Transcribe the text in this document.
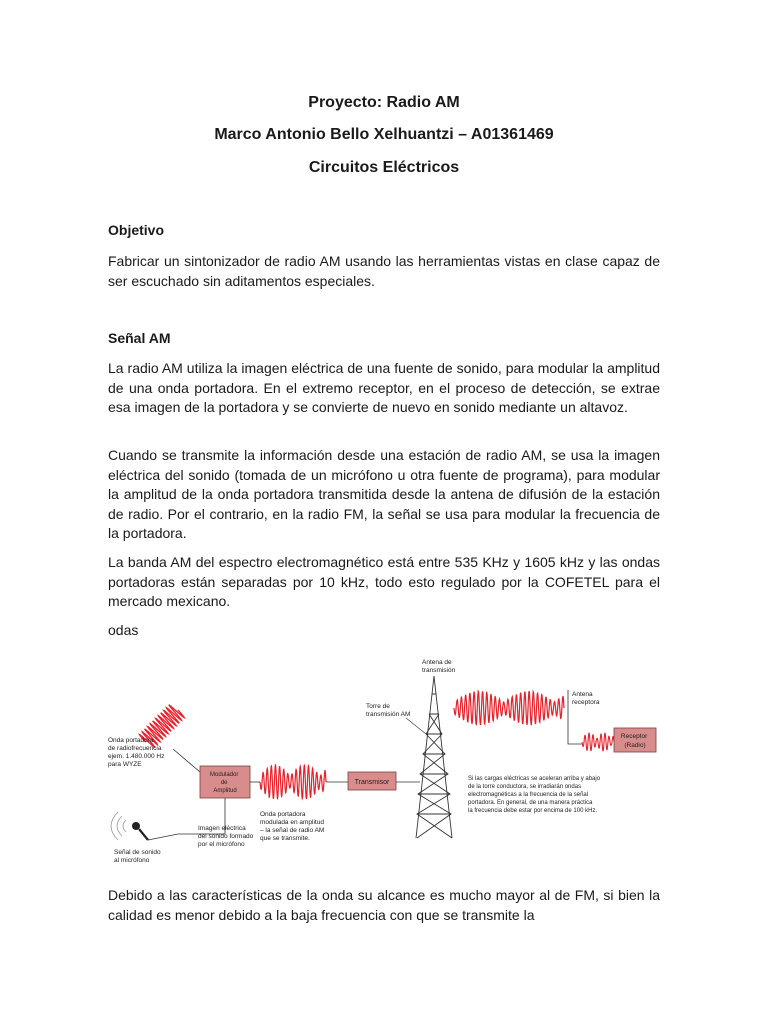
Proyecto: Radio AM
Marco Antonio Bello Xelhuantzi – A01361469
Circuitos Eléctricos
Objetivo

Fabricar un sintonizador de radio AM usando las herramientas vistas en clase capaz de ser escuchado sin aditamentos especiales.

Señal AM

La radio AM utiliza la imagen eléctrica de una fuente de sonido, para modular la amplitud de una onda portadora. En el extremo receptor, en el proceso de detección, se extrae esa imagen de la portadora y se convierte de nuevo en sonido mediante un altavoz.

Cuando se transmite la información desde una estación de radio AM, se usa la imagen eléctrica del sonido (tomada de un micrófono u otra fuente de programa), para modular la amplitud de la onda portadora transmitida desde la antena de difusión de la estación de radio. Por el contrario, en la radio FM, la señal se usa para modular la frecuencia de la portadora.

La banda AM del espectro electromagnético está entre 535 KHz y 1605 kHz y las ondas portadoras están separadas por 10 kHz, todo esto regulado por la COFETEL para el mercado mexicano.

odas

Onda portadora de radiofrecuencia ejem. 1.480.000 Hz para WYZE
Modulador de Amplitud
Señal de sonido al micrófono
Imagen eléctrica del sonido formado por el micrófono
Onda portadora modulada en amplitud – la señal de radio AM que se transmite.
Transmisor
Torre de transmisión AM
Antena de transmisión
Si las cargas eléctricas se aceleran arriba y abajo de la torre conductora, se irradiarán ondas electromagnéticas a la frecuencia de la señal portadora. En general, de una manera práctica la frecuencia debe estar por encima de 100 kHz.
Antena receptora
Receptor (Radio)

Debido a las características de la onda su alcance es mucho mayor al de FM, si bien la calidad es menor debido a la baja frecuencia con que se transmite la
